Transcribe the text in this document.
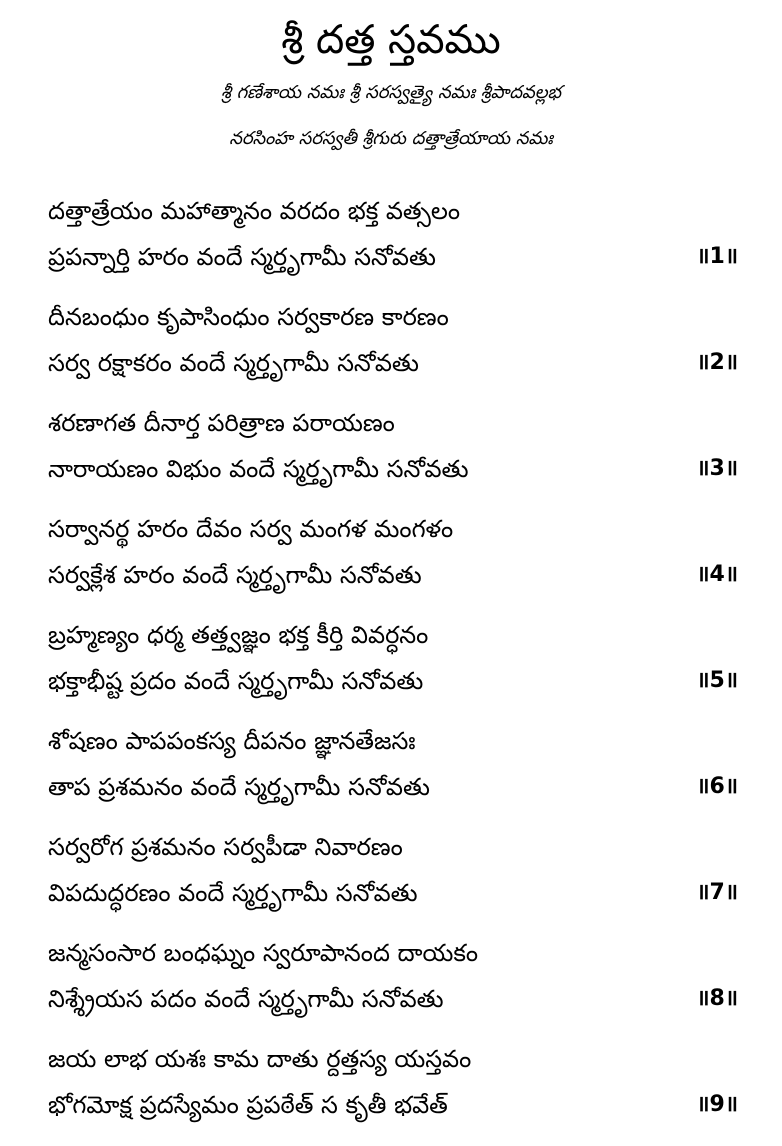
శ్రీ దత్త స్తవము
శ్రీ గణేశాయ నమః శ్రీ సరస్వత్యై నమః శ్రీపాదవల్లభ
నరసింహ సరస్వతీ శ్రీగురు దత్తాత్రేయాయ నమః
దత్తాత్రేయం మహాత్మానం వరదం భక్త వత్సలం
ప్రపన్నార్తి హరం వందే స్మర్తృగామీ సనోవతు	॥1॥
దీనబంధుం కృపాసింధుం సర్వకారణ కారణం
సర్వ రక్షాకరం వందే స్మర్తృగామీ సనోవతు	॥2॥
శరణాగత దీనార్త పరిత్రాణ పరాయణం
నారాయణం విభుం వందే స్మర్తృగామీ సనోవతు	॥3॥
సర్వానర్థ హరం దేవం సర్వ మంగళ మంగళం
సర్వక్లేశ హరం వందే స్మర్తృగామీ సనోవతు	॥4॥
బ్రహ్మణ్యం ధర్మ తత్త్వజ్ఞం భక్త కీర్తి వివర్ధనం
భక్తాభీష్ట ప్రదం వందే స్మర్తృగామీ సనోవతు	॥5॥
శోషణం పాపపంకస్య దీపనం జ్ఞానతేజసః
తాప ప్రశమనం వందే స్మర్తృగామీ సనోవతు	॥6॥
సర్వరోగ ప్రశమనం సర్వపీడా నివారణం
విపదుద్ధరణం వందే స్మర్తృగామీ సనోవతు	॥7॥
జన్మసంసార బంధఘ్నం స్వరూపానంద దాయకం
నిశ్శ్రేయస పదం వందే స్మర్తృగామీ సనోవతు	॥8॥
జయ లాభ యశః కామ దాతు ర్దత్తస్య యస్తవం
భోగమోక్ష ప్రదస్యేమం ప్రపఠేత్ స కృతీ భవేత్	॥9॥
